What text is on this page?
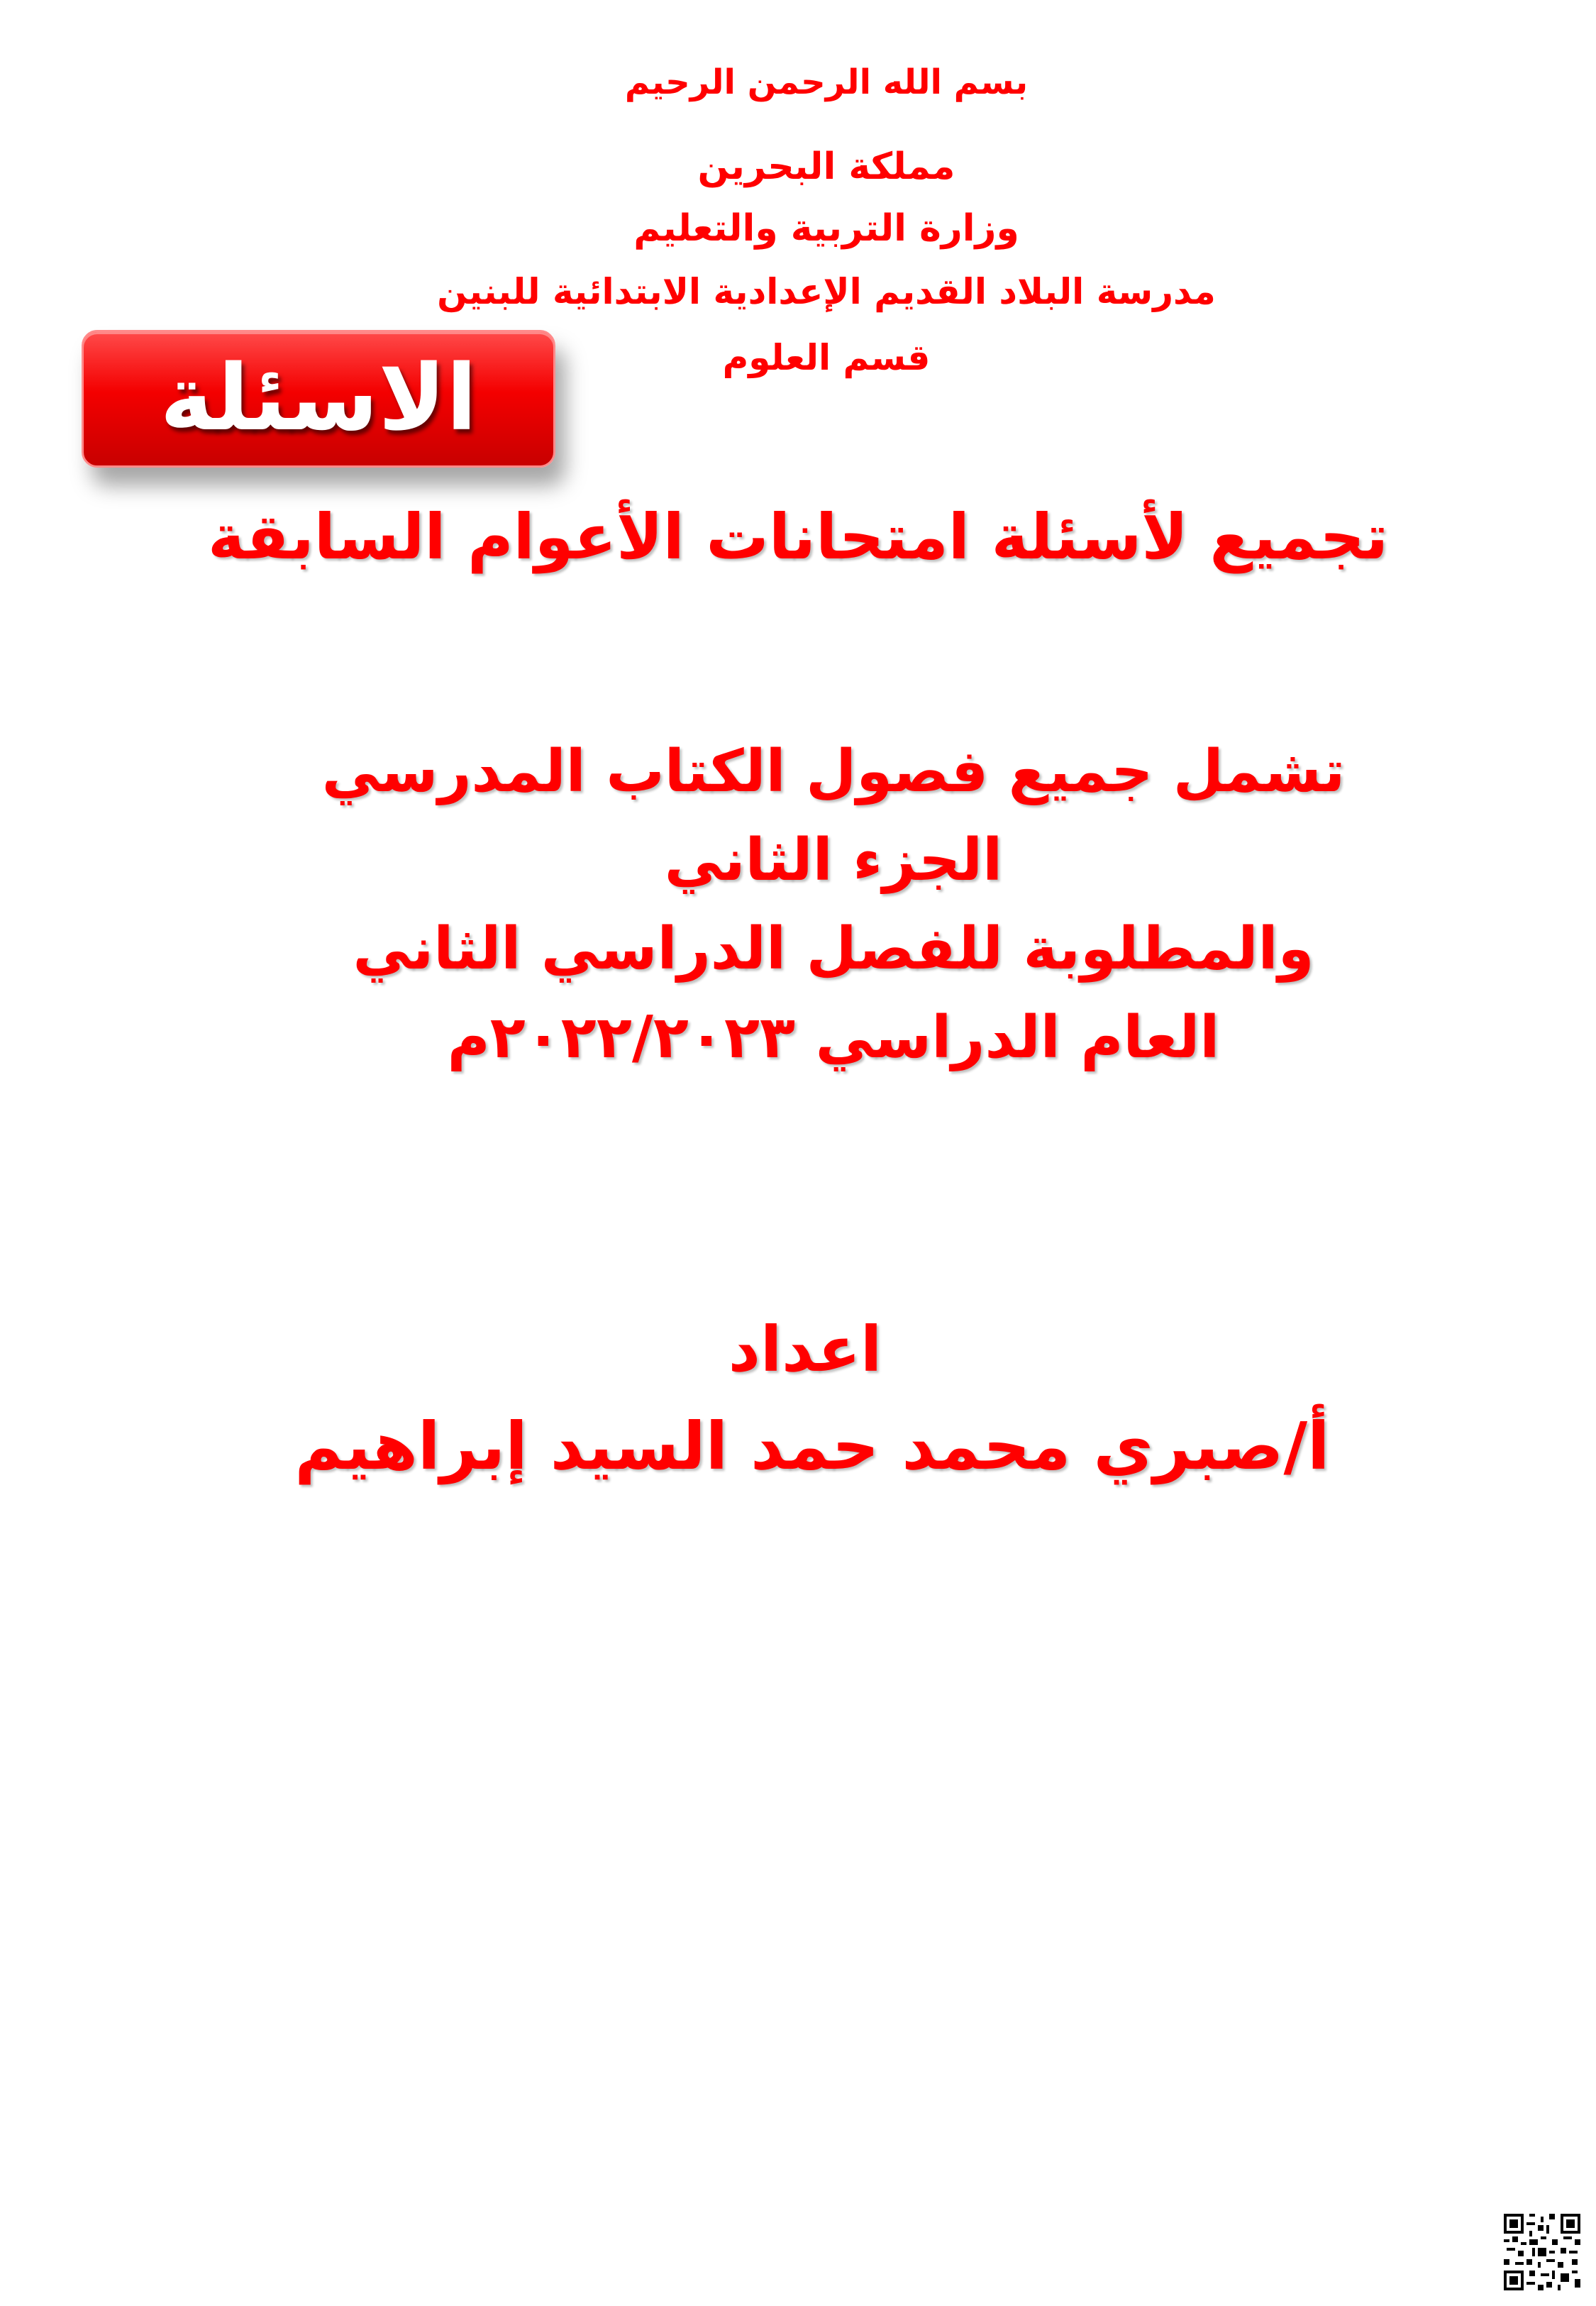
بسم الله الرحمن الرحيم
مملكة البحرين
وزارة التربية والتعليم
مدرسة البلاد القديم الإعدادية الابتدائية للبنين
قسم العلوم
الاسئلة
تجميع لأسئلة امتحانات الأعوام السابقة
تشمل جميع فصول الكتاب المدرسي
الجزء الثاني
والمطلوبة للفصل الدراسي الثاني
العام الدراسي ٢٠٢٢/٢٠٢٣م
اعداد
أ/صبري محمد حمد السيد إبراهيم
